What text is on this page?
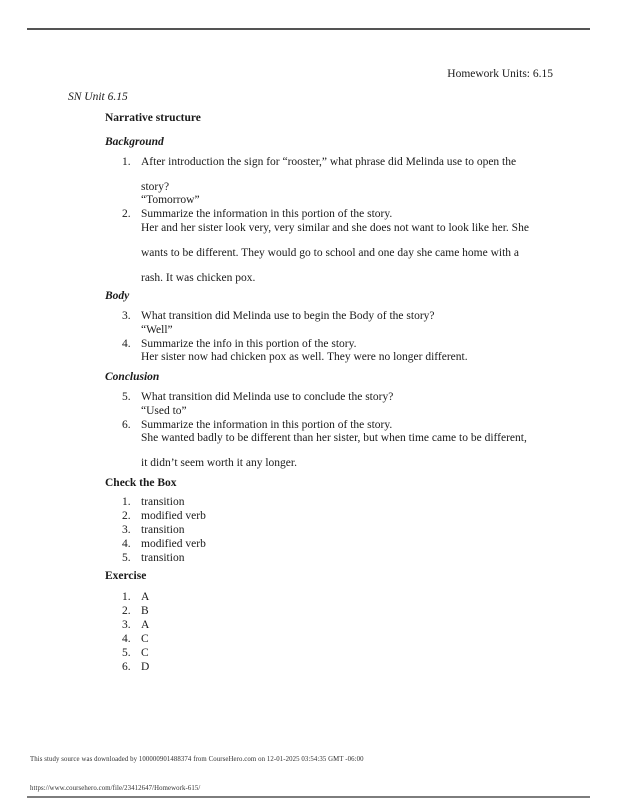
Homework Units: 6.15
SN Unit 6.15
Narrative structure
Background
1. After introduction the sign for “rooster,” what phrase did Melinda use to open the
story?
“Tomorrow”
2. Summarize the information in this portion of the story.
Her and her sister look very, very similar and she does not want to look like her. She
wants to be different. They would go to school and one day she came home with a
rash. It was chicken pox.
Body
3. What transition did Melinda use to begin the Body of the story?
“Well”
4. Summarize the info in this portion of the story.
Her sister now had chicken pox as well. They were no longer different.
Conclusion
5. What transition did Melinda use to conclude the story?
“Used to”
6. Summarize the information in this portion of the story.
She wanted badly to be different than her sister, but when time came to be different,
it didn’t seem worth it any longer.
Check the Box
1. transition
2. modified verb
3. transition
4. modified verb
5. transition
Exercise
1. A
2. B
3. A
4. C
5. C
6. D
This study source was downloaded by 100000901488374 from CourseHero.com on 12-01-2025 03:54:35 GMT -06:00
https://www.coursehero.com/file/23412647/Homework-615/
